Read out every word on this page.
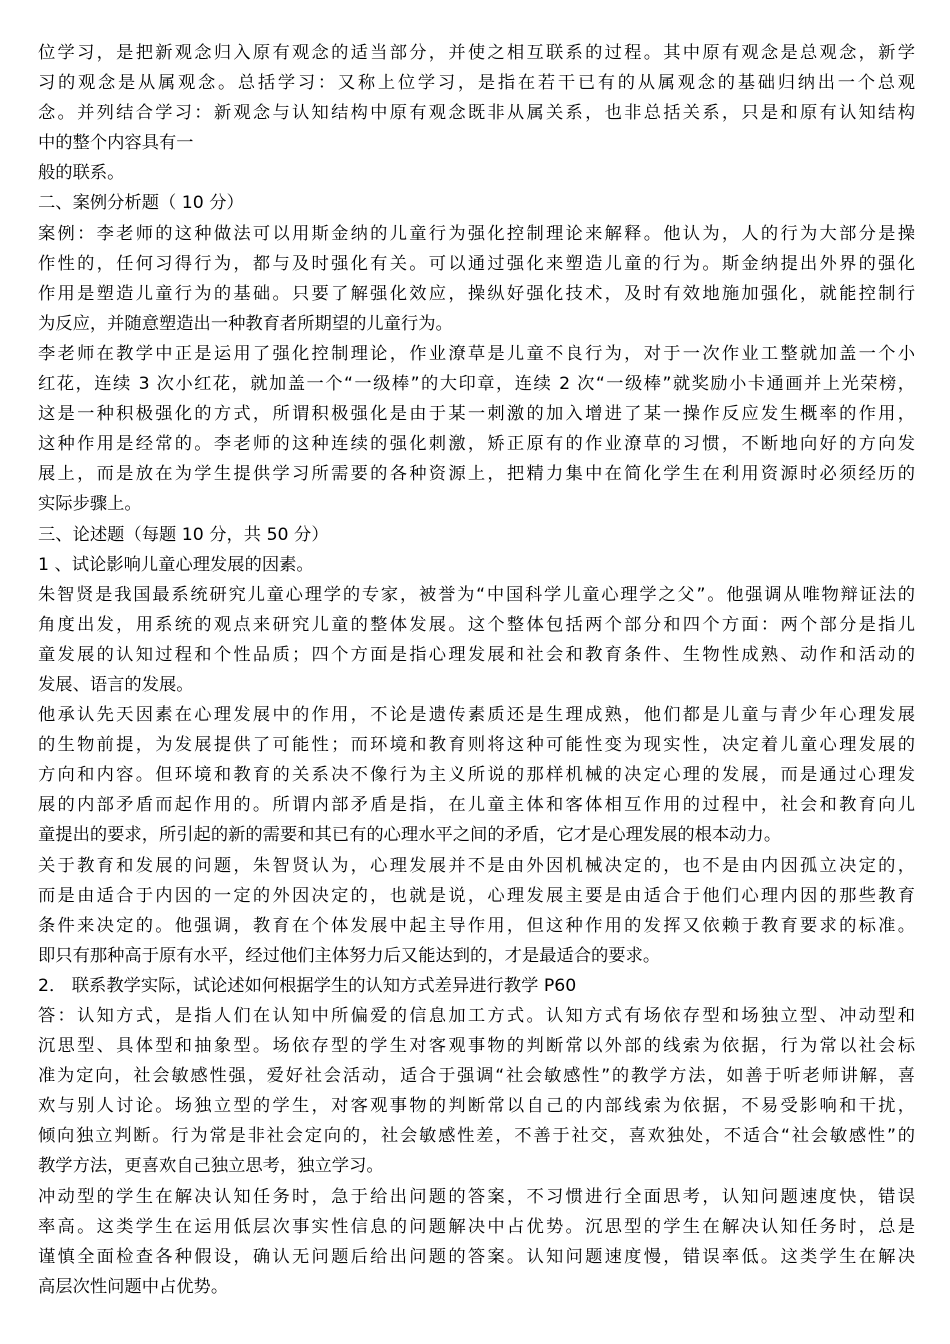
位学习，是把新观念归入原有观念的适当部分，并使之相互联系的过程。其中原有观念是总观念，新学
习的观念是从属观念。总括学习：又称上位学习，是指在若干已有的从属观念的基础归纳出一个总观
念。并列结合学习：新观念与认知结构中原有观念既非从属关系，也非总括关系，只是和原有认知结构
中的整个内容具有一
般的联系。
二、案例分析题（ 10 分）
案例：李老师的这种做法可以用斯金纳的儿童行为强化控制理论来解释。他认为，人的行为大部分是操
作性的，任何习得行为，都与及时强化有关。可以通过强化来塑造儿童的行为。斯金纳提出外界的强化
作用是塑造儿童行为的基础。只要了解强化效应，操纵好强化技术，及时有效地施加强化，就能控制行
为反应，并随意塑造出一种教育者所期望的儿童行为。
李老师在教学中正是运用了强化控制理论，作业潦草是儿童不良行为，对于一次作业工整就加盖一个小
红花，连续 3 次小红花，就加盖一个“一级棒”的大印章，连续 2 次“一级棒”就奖励小卡通画并上光荣榜，
这是一种积极强化的方式，所谓积极强化是由于某一刺激的加入增进了某一操作反应发生概率的作用，
这种作用是经常的。李老师的这种连续的强化刺激，矫正原有的作业潦草的习惯，不断地向好的方向发
展上，而是放在为学生提供学习所需要的各种资源上，把精力集中在简化学生在利用资源时必须经历的
实际步骤上。
三、论述题（每题 10 分，共 50 分）
1 、试论影响儿童心理发展的因素。
朱智贤是我国最系统研究儿童心理学的专家，被誉为“中国科学儿童心理学之父”。他强调从唯物辩证法的
角度出发，用系统的观点来研究儿童的整体发展。这个整体包括两个部分和四个方面：两个部分是指儿
童发展的认知过程和个性品质；四个方面是指心理发展和社会和教育条件、生物性成熟、动作和活动的
发展、语言的发展。
他承认先天因素在心理发展中的作用，不论是遗传素质还是生理成熟，他们都是儿童与青少年心理发展
的生物前提，为发展提供了可能性；而环境和教育则将这种可能性变为现实性，决定着儿童心理发展的
方向和内容。但环境和教育的关系决不像行为主义所说的那样机械的决定心理的发展，而是通过心理发
展的内部矛盾而起作用的。所谓内部矛盾是指，在儿童主体和客体相互作用的过程中，社会和教育向儿
童提出的要求，所引起的新的需要和其已有的心理水平之间的矛盾，它才是心理发展的根本动力。
关于教育和发展的问题，朱智贤认为，心理发展并不是由外因机械决定的，也不是由内因孤立决定的，
而是由适合于内因的一定的外因决定的，也就是说，心理发展主要是由适合于他们心理内因的那些教育
条件来决定的。他强调，教育在个体发展中起主导作用，但这种作用的发挥又依赖于教育要求的标准。
即只有那种高于原有水平，经过他们主体努力后又能达到的，才是最适合的要求。
2． 联系教学实际，试论述如何根据学生的认知方式差异进行教学 P60
答：认知方式，是指人们在认知中所偏爱的信息加工方式。认知方式有场依存型和场独立型、冲动型和
沉思型、具体型和抽象型。场依存型的学生对客观事物的判断常以外部的线索为依据，行为常以社会标
准为定向，社会敏感性强，爱好社会活动，适合于强调“社会敏感性”的教学方法，如善于听老师讲解，喜
欢与别人讨论。场独立型的学生，对客观事物的判断常以自己的内部线索为依据，不易受影响和干扰，
倾向独立判断。行为常是非社会定向的，社会敏感性差，不善于社交，喜欢独处，不适合“社会敏感性”的
教学方法，更喜欢自己独立思考，独立学习。
冲动型的学生在解决认知任务时，急于给出问题的答案，不习惯进行全面思考，认知问题速度快，错误
率高。这类学生在运用低层次事实性信息的问题解决中占优势。沉思型的学生在解决认知任务时，总是
谨慎全面检查各种假设，确认无问题后给出问题的答案。认知问题速度慢，错误率低。这类学生在解决
高层次性问题中占优势。
